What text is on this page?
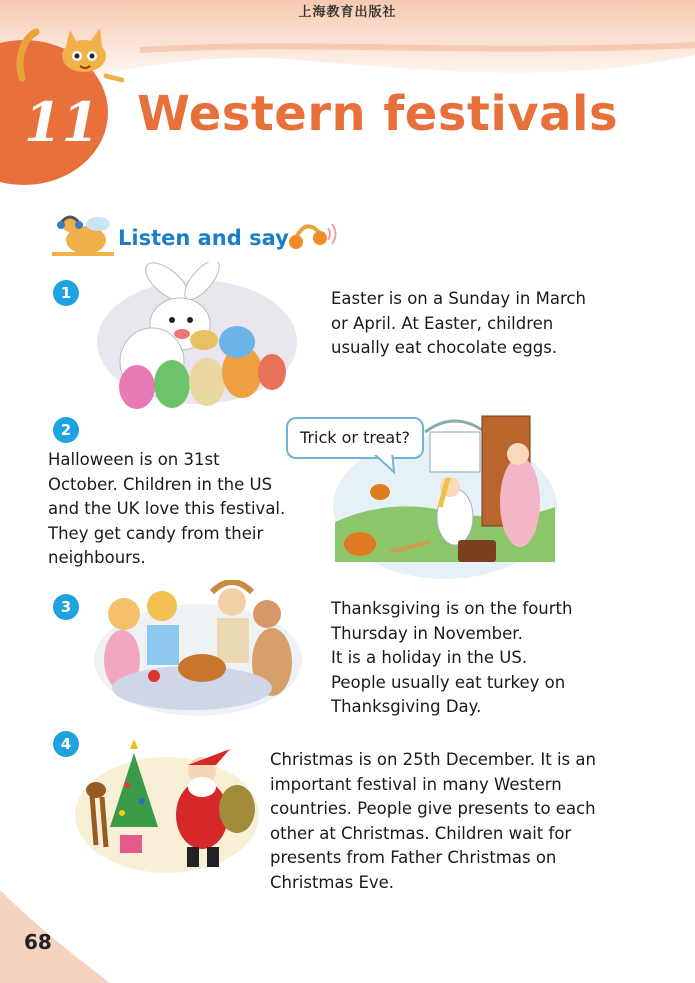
上海教育出版社
11 Western festivals
Listen and say
1	Easter is on a Sunday in March
or April. At Easter, children
usually eat chocolate eggs.
2
Halloween is on 31st
October. Children in the US
and the UK love this festival.
They get candy from their
neighbours.
Trick or treat?
3	Thanksgiving is on the fourth
Thursday in November.
It is a holiday in the US.
People usually eat turkey on
Thanksgiving Day.
4
Christmas is on 25th December. It is an
important festival in many Western
countries. People give presents to each
other at Christmas. Children wait for
presents from Father Christmas on
Christmas Eve.
68
